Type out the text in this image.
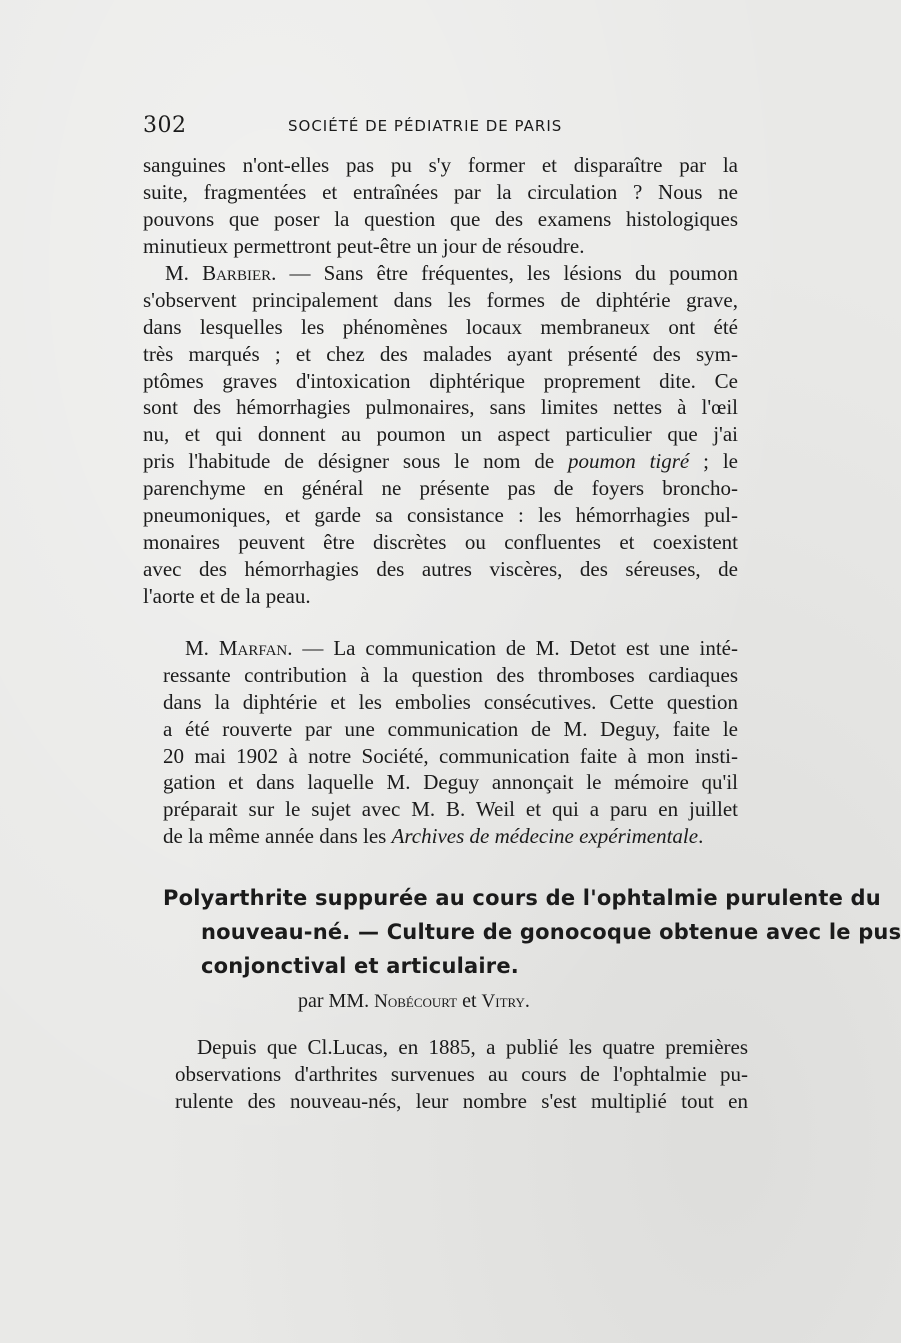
302	SOCIÉTÉ DE PÉDIATRIE DE PARIS
sanguines n'ont-elles pas pu s'y former et disparaître par la
suite, fragmentées et entraînées par la circulation ? Nous ne
pouvons que poser la question que des examens histologiques
minutieux permettront peut-être un jour de résoudre.
M. Barbier. — Sans être fréquentes, les lésions du poumon
s'observent principalement dans les formes de diphtérie grave,
dans lesquelles les phénomènes locaux membraneux ont été
très marqués ; et chez des malades ayant présenté des sym-
ptômes graves d'intoxication diphtérique proprement dite. Ce
sont des hémorrhagies pulmonaires, sans limites nettes à l'œil
nu, et qui donnent au poumon un aspect particulier que j'ai
pris l'habitude de désigner sous le nom de poumon tigré ; le
parenchyme en général ne présente pas de foyers broncho-
pneumoniques, et garde sa consistance : les hémorrhagies pul-
monaires peuvent être discrètes ou confluentes et coexistent
avec des hémorrhagies des autres viscères, des séreuses, de
l'aorte et de la peau.
M. Marfan. — La communication de M. Detot est une inté-
ressante contribution à la question des thromboses cardiaques
dans la diphtérie et les embolies consécutives. Cette question
a été rouverte par une communication de M. Deguy, faite le
20 mai 1902 à notre Société, communication faite à mon insti-
gation et dans laquelle M. Deguy annonçait le mémoire qu'il
préparait sur le sujet avec M. B. Weil et qui a paru en juillet
de la même année dans les Archives de médecine expérimentale.
Polyarthrite suppurée au cours de l'ophtalmie purulente du
nouveau-né. — Culture de gonocoque obtenue avec le pus
conjonctival et articulaire.
par MM. Nobécourt et Vitry.
Depuis que Cl.Lucas, en 1885, a publié les quatre premières
observations d'arthrites survenues au cours de l'ophtalmie pu-
rulente des nouveau-nés, leur nombre s'est multiplié tout en
